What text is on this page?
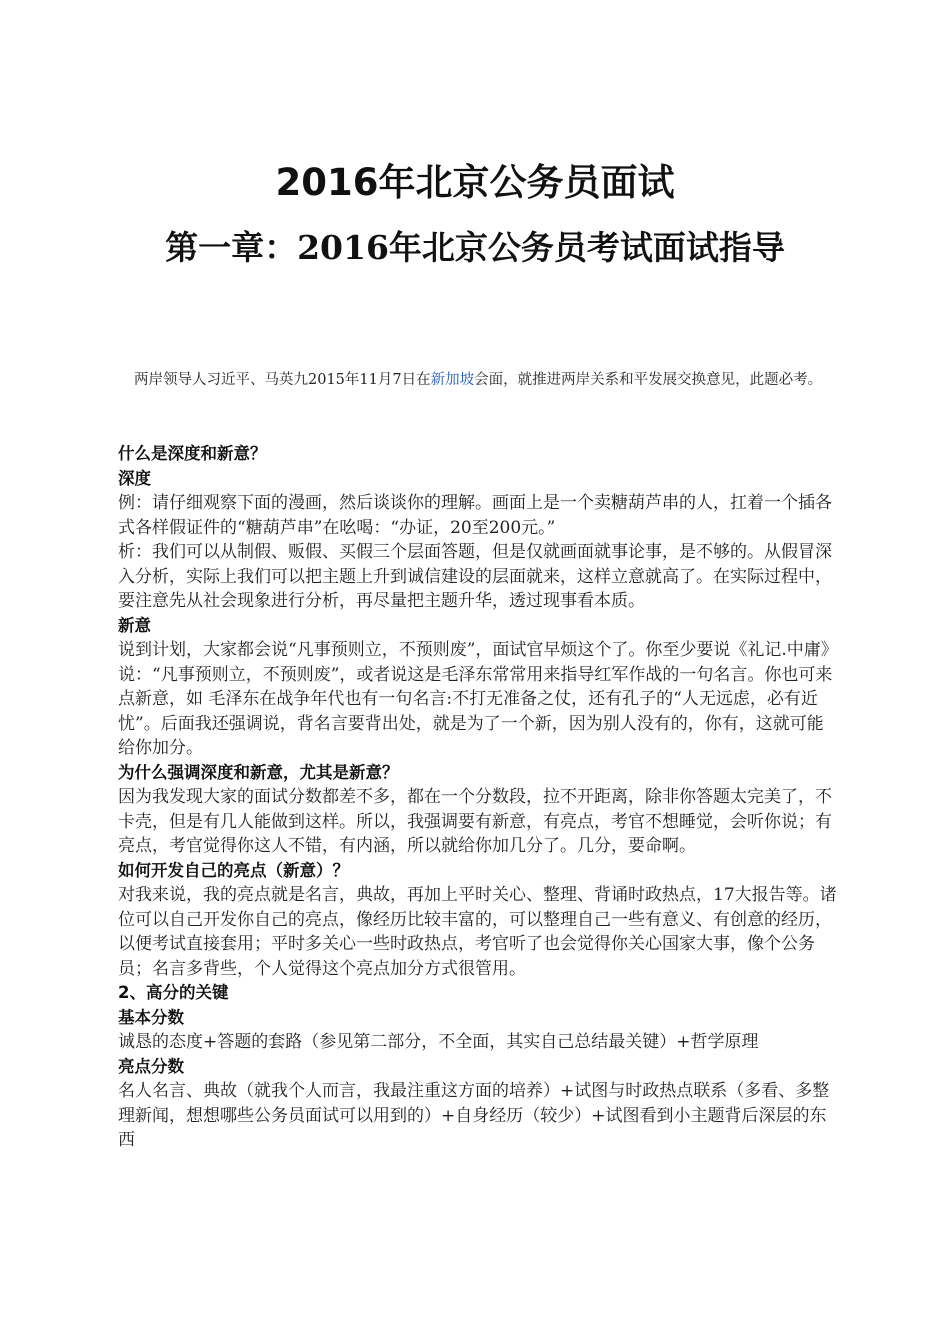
2016年北京公务员面试
第一章：2016年北京公务员考试面试指导

两岸领导人习近平、马英九2015年11月7日在新加坡会面，就推进两岸关系和平发展交换意见，此题必考。

什么是深度和新意？

深度

例：请仔细观察下面的漫画，然后谈谈你的理解。画面上是一个卖糖葫芦串的人，扛着一个插各式各样假证件的“糖葫芦串”在吆喝：“办证，20至200元。”

析：我们可以从制假、贩假、买假三个层面答题，但是仅就画面就事论事，是不够的。从假冒深入分析，实际上我们可以把主题上升到诚信建设的层面就来，这样立意就高了。在实际过程中，要注意先从社会现象进行分析，再尽量把主题升华，透过现事看本质。

新意

说到计划，大家都会说“凡事预则立，不预则废”，面试官早烦这个了。你至少要说《礼记.中庸》说：“凡事预则立，不预则废”，或者说这是毛泽东常常用来指导红军作战的一句名言。你也可来点新意，如 毛泽东在战争年代也有一句名言:不打无准备之仗，还有孔子的“人无远虑，必有近忧”。后面我还强调说，背名言要背出处，就是为了一个新，因为别人没有的，你有，这就可能给你加分。

为什么强调深度和新意，尤其是新意？

因为我发现大家的面试分数都差不多，都在一个分数段，拉不开距离，除非你答题太完美了，不卡壳，但是有几人能做到这样。所以，我强调要有新意，有亮点，考官不想睡觉，会听你说；有亮点，考官觉得你这人不错，有内涵，所以就给你加几分了。几分，要命啊。

如何开发自己的亮点（新意）？

对我来说，我的亮点就是名言，典故，再加上平时关心、整理、背诵时政热点，17大报告等。诸位可以自己开发你自己的亮点，像经历比较丰富的，可以整理自己一些有意义、有创意的经历，以便考试直接套用；平时多关心一些时政热点，考官听了也会觉得你关心国家大事，像个公务员；名言多背些，个人觉得这个亮点加分方式很管用。

2、高分的关键

基本分数

诚恳的态度+答题的套路（参见第二部分，不全面，其实自己总结最关键）+哲学原理

亮点分数

名人名言、典故（就我个人而言，我最注重这方面的培养）+试图与时政热点联系（多看、多整理新闻，想想哪些公务员面试可以用到的）+自身经历（较少）+试图看到小主题背后深层的东西
